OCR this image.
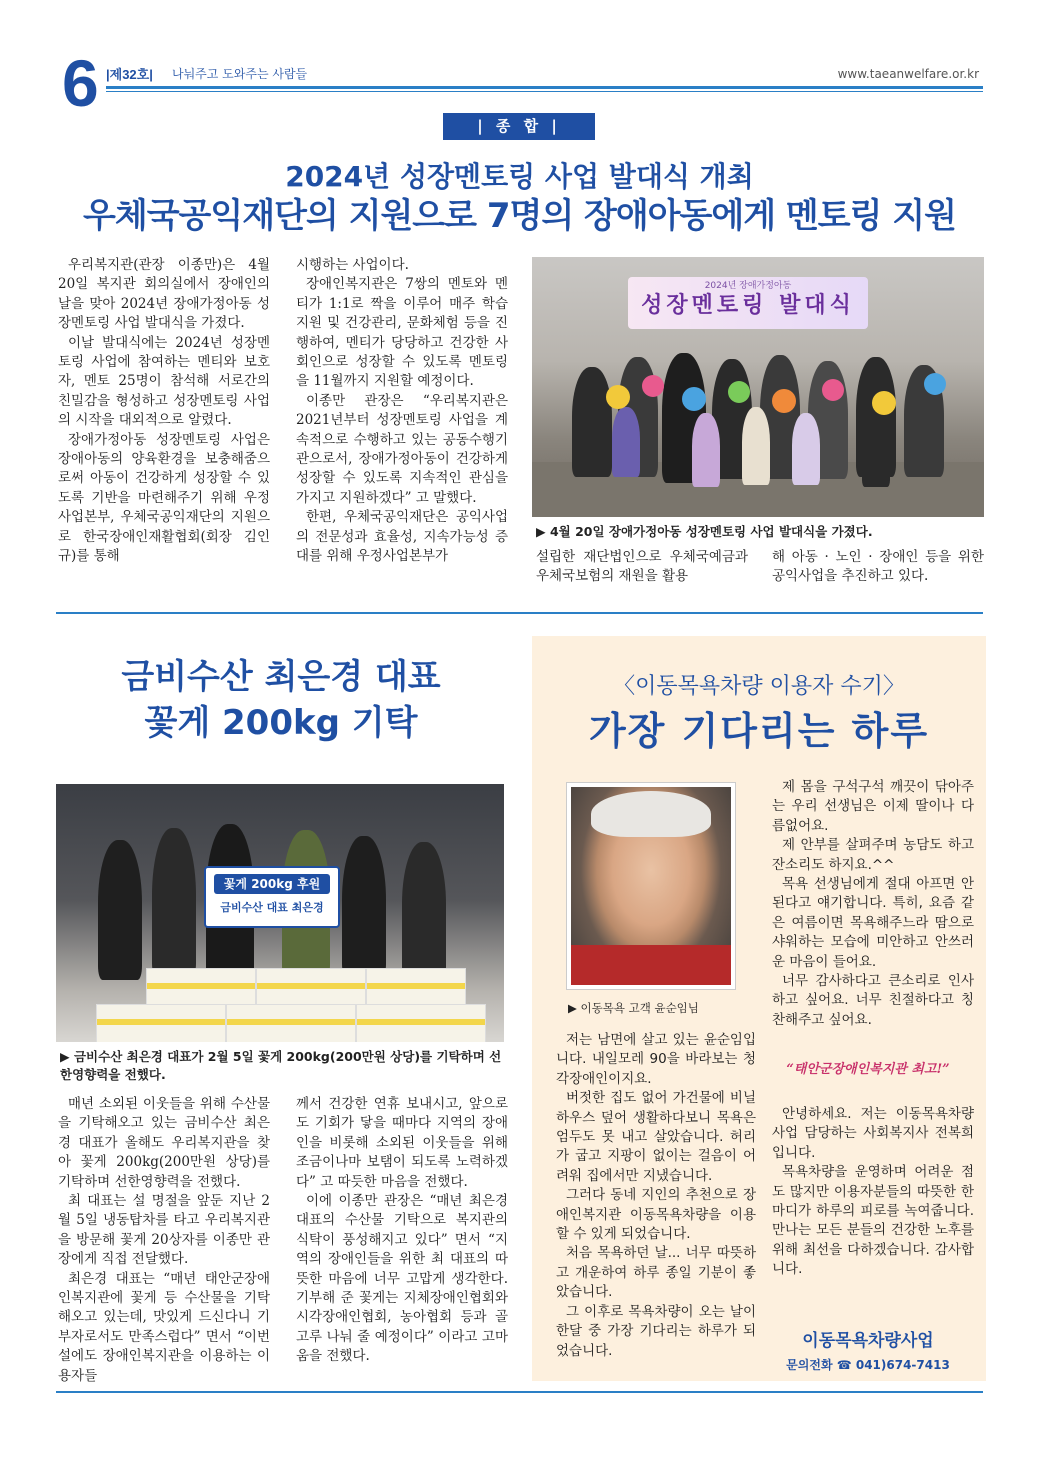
6 |제32호| 나눠주고 도와주는 사람들	www.taeanwelfare.or.kr
| 종 합 |
2024년 성장멘토링 사업 발대식 개최
우체국공익재단의 지원으로 7명의 장애아동에게 멘토링 지원

우리복지관(관장 이종만)은 4월 20일 복지관 회의실에서 장애인의 날을 맞아 2024년 장애가정아동 성장멘토링 사업 발대식을 가졌다.

이날 발대식에는 2024년 성장멘토링 사업에 참여하는 멘티와 보호자, 멘토 25명이 참석해 서로간의 친밀감을 형성하고 성장멘토링 사업의 시작을 대외적으로 알렸다.

장애가정아동 성장멘토링 사업은 장애아동의 양육환경을 보충해줌으로써 아동이 건강하게 성장할 수 있도록 기반을 마련해주기 위해 우정사업본부, 우체국공익재단의 지원으로 한국장애인재활협회(회장 김인규)를 통해

시행하는 사업이다.

장애인복지관은 7쌍의 멘토와 멘티가 1:1로 짝을 이루어 매주 학습지원 및 건강관리, 문화체험 등을 진행하여, 멘티가 당당하고 건강한 사회인으로 성장할 수 있도록 멘토링을 11월까지 지원할 예정이다.

이종만 관장은 “우리복지관은 2021년부터 성장멘토링 사업을 계속적으로 수행하고 있는 공동수행기관으로서, 장애가정아동이 건강하게 성장할 수 있도록 지속적인 관심을 가지고 지원하겠다” 고 말했다.

한편, 우체국공익재단은 공익사업의 전문성과 효율성, 지속가능성 증대를 위해 우정사업본부가

2024년 장애가정아동
성장멘토링 발대식
▶ 4월 20일 장애가정아동 성장멘토링 사업 발대식을 가졌다.
설립한 재단법인으로 우체국예금과 우체국보험의 재원을 활용
해 아동 · 노인 · 장애인 등을 위한 공익사업을 추진하고 있다.
금비수산 최은경 대표
꽃게 200kg 기탁
꽃게 200kg 후원
금비수산 대표 최은경
▶ 금비수산 최은경 대표가 2월 5일 꽃게 200kg(200만원 상당)를 기탁하며 선한영향력을 전했다.

매년 소외된 이웃들을 위해 수산물을 기탁해오고 있는 금비수산 최은경 대표가 올해도 우리복지관을 찾아 꽃게 200kg(200만원 상당)를 기탁하며 선한영향력을 전했다.

최 대표는 설 명절을 앞둔 지난 2월 5일 냉동탑차를 타고 우리복지관을 방문해 꽃게 20상자를 이종만 관장에게 직접 전달했다.

최은경 대표는 “매년 태안군장애인복지관에 꽃게 등 수산물을 기탁해오고 있는데, 맛있게 드신다니 기부자로서도 만족스럽다” 면서 “이번 설에도 장애인복지관을 이용하는 이용자들

께서 건강한 연휴 보내시고, 앞으로도 기회가 닿을 때마다 지역의 장애인을 비롯해 소외된 이웃들을 위해 조금이나마 보탬이 되도록 노력하겠다” 고 따듯한 마음을 전했다.

이에 이종만 관장은 “매년 최은경 대표의 수산물 기탁으로 복지관의 식탁이 풍성해지고 있다” 면서 “지역의 장애인들을 위한 최 대표의 따뜻한 마음에 너무 고맙게 생각한다. 기부해 준 꽃게는 지체장애인협회와 시각장애인협회, 농아협회 등과 골고루 나눠 줄 예정이다” 이라고 고마움을 전했다.

〈이동목욕차량 이용자 수기〉
가장 기다리는 하루
▶ 이동목욕 고객 윤순임님

제 몸을 구석구석 깨끗이 닦아주는 우리 선생님은 이제 딸이나 다름없어요.

제 안부를 살펴주며 농담도 하고 잔소리도 하지요.^^

목욕 선생님에게 절대 아프면 안 된다고 얘기합니다. 특히, 요즘 같은 여름이면 목욕해주느라 땀으로 샤워하는 모습에 미안하고 안쓰러운 마음이 들어요.

너무 감사하다고 큰소리로 인사하고 싶어요. 너무 친절하다고 칭찬해주고 싶어요.

“태안군장애인복지관 최고!”

저는 남면에 살고 있는 윤순임입니다. 내일모레 90을 바라보는 청각장애인이지요.

버젓한 집도 없어 가건물에 비닐하우스 덮어 생활하다보니 목욕은 엄두도 못 내고 살았습니다. 허리가 굽고 지팡이 없이는 걸음이 어려워 집에서만 지냈습니다.

그러다 동네 지인의 추천으로 장애인복지관 이동목욕차량을 이용할 수 있게 되었습니다.

처음 목욕하던 날... 너무 따뜻하고 개운하여 하루 종일 기분이 좋았습니다.

그 이후로 목욕차량이 오는 날이 한달 중 가장 기다리는 하루가 되었습니다.

안녕하세요. 저는 이동목욕차량사업 담당하는 사회복지사 전복희입니다.

목욕차량을 운영하며 어려운 점도 많지만 이용자분들의 따뜻한 한마디가 하루의 피로를 녹여줍니다. 만나는 모든 분들의 건강한 노후를 위해 최선을 다하겠습니다. 감사합니다.

이동목욕차량사업
문의전화 ☎ 041)674-7413
